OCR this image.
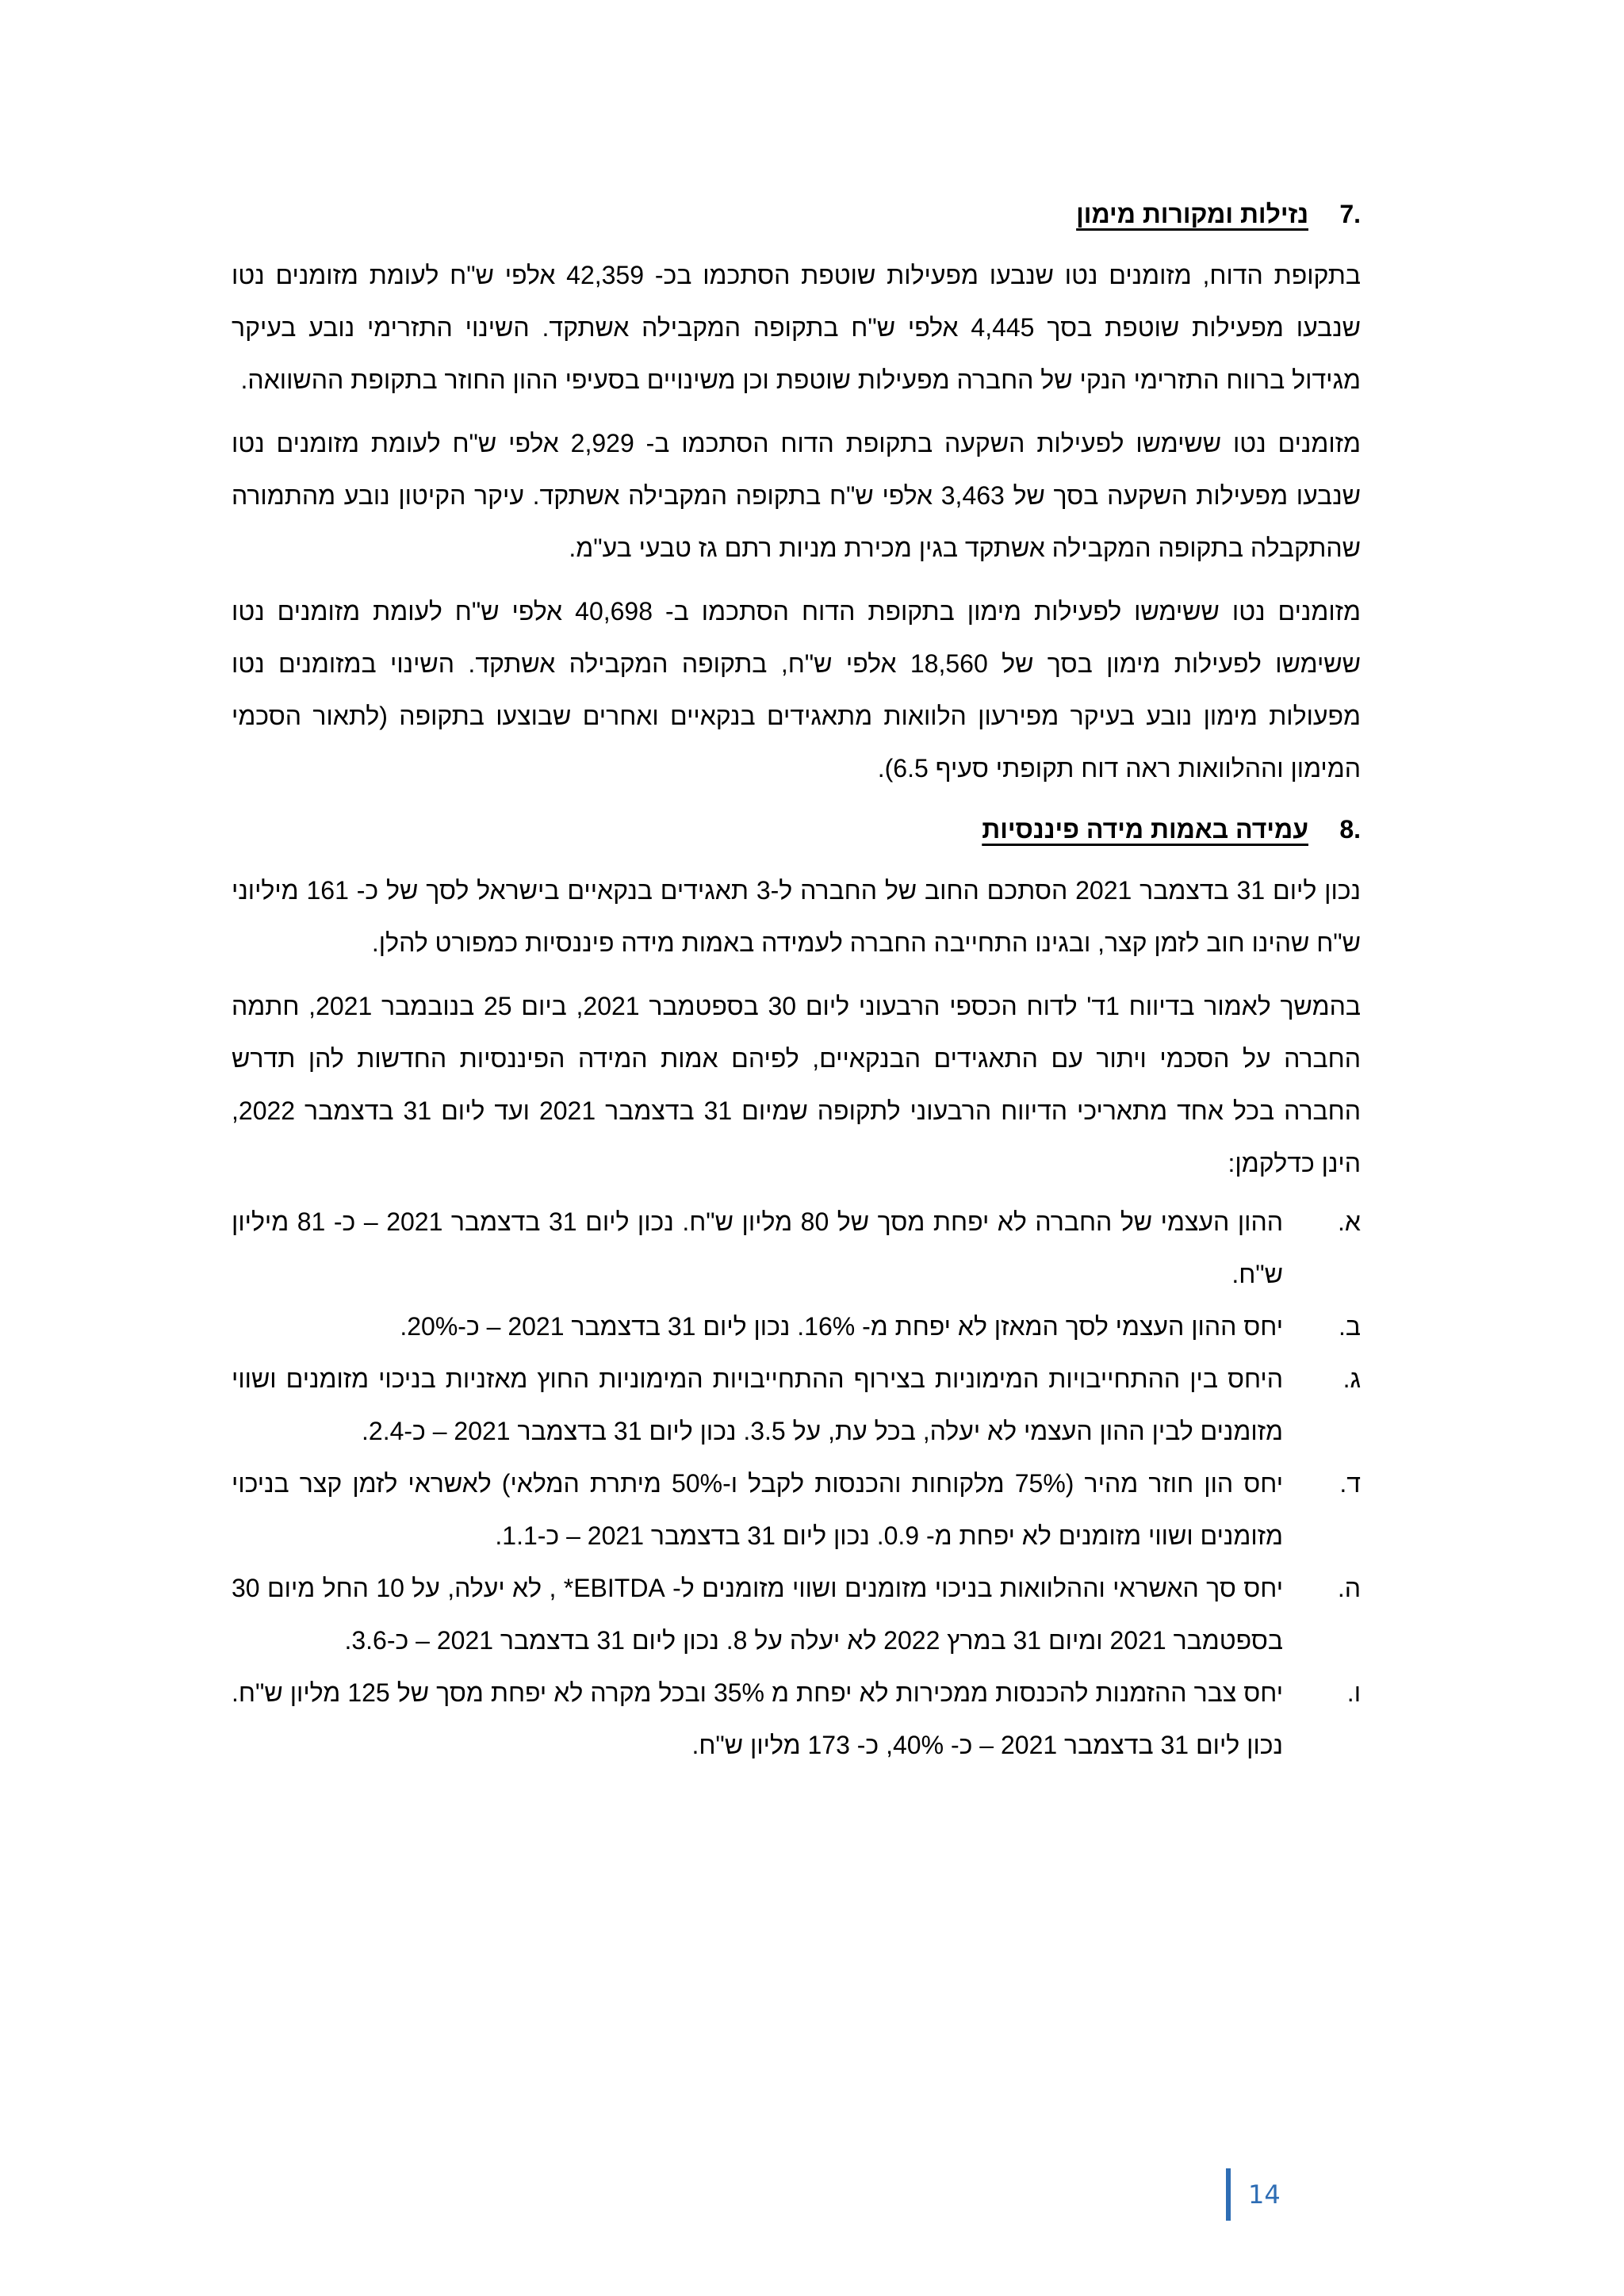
7.
נזילות ומקורות מימון

בתקופת הדוח, מזומנים נטו שנבעו מפעילות שוטפת הסתכמו בכ- 42,359 אלפי ש"ח לעומת מזומנים נטו שנבעו מפעילות שוטפת בסך 4,445 אלפי ש"ח בתקופה המקבילה אשתקד. השינוי התזרימי נובע בעיקר מגידול ברווח התזרימי הנקי של החברה מפעילות שוטפת וכן משינויים בסעיפי ההון החוזר בתקופת ההשוואה.

מזומנים נטו ששימשו לפעילות השקעה בתקופת הדוח הסתכמו ב- 2,929 אלפי ש"ח לעומת מזומנים נטו שנבעו מפעילות השקעה בסך של 3,463 אלפי ש"ח בתקופה המקבילה אשתקד. עיקר הקיטון נובע מהתמורה שהתקבלה בתקופה המקבילה אשתקד בגין מכירת מניות רתם גז טבעי בע"מ.

מזומנים נטו ששימשו לפעילות מימון בתקופת הדוח הסתכמו ב- 40,698 אלפי ש"ח לעומת מזומנים נטו ששימשו לפעילות מימון בסך של 18,560 אלפי ש"ח, בתקופה המקבילה אשתקד. השינוי במזומנים נטו מפעולות מימון נובע בעיקר מפירעון הלוואות מתאגידים בנקאיים ואחרים שבוצעו בתקופה (לתאור הסכמי המימון וההלוואות ראה דוח תקופתי סעיף 6.5).

8.
עמידה באמות מידה פיננסיות

נכון ליום 31 בדצמבר 2021 הסתכם החוב של החברה ל-3 תאגידים בנקאיים בישראל לסך של כ- 161 מיליוני ש"ח שהינו חוב לזמן קצר, ובגינו התחייבה החברה לעמידה באמות מידה פיננסיות כמפורט להלן.

בהמשך לאמור בדיווח 1ד' לדוח הכספי הרבעוני ליום 30 בספטמבר 2021, ביום 25 בנובמבר 2021, חתמה החברה על הסכמי ויתור עם התאגידים הבנקאיים, לפיהם אמות המידה הפיננסיות החדשות להן תדרש החברה בכל אחד מתאריכי הדיווח הרבעוני לתקופה שמיום 31 בדצמבר 2021 ועד ליום 31 בדצמבר 2022, הינן כדלקמן:

א.

ההון העצמי של החברה לא יפחת מסך של 80 מליון ש"ח. נכון ליום 31 בדצמבר 2021 – כ- 81 מיליון ש"ח.

ב.

יחס ההון העצמי לסך המאזן לא יפחת מ- 16%. נכון ליום 31 בדצמבר 2021 – כ-20%.

ג.

היחס בין ההתחייבויות המימוניות בצירוף ההתחייבויות המימוניות החוץ מאזניות בניכוי מזומנים ושווי מזומנים לבין ההון העצמי לא יעלה, בכל עת, על 3.5. נכון ליום 31 בדצמבר 2021 – כ-2.4.

ד.

יחס הון חוזר מהיר (75% מלקוחות והכנסות לקבל ו-50% מיתרת המלאי) לאשראי לזמן קצר בניכוי מזומנים ושווי מזומנים לא יפחת מ- 0.9. נכון ליום 31 בדצמבר 2021 – כ-1.1.

ה.

יחס סך האשראי וההלוואות בניכוי מזומנים ושווי מזומנים ל- EBITDA* , לא יעלה, על 10 החל מיום 30 בספטמבר 2021 ומיום 31 במרץ 2022 לא יעלה על 8. נכון ליום 31 בדצמבר 2021 – כ-3.6.

ו.

יחס צבר ההזמנות להכנסות ממכירות לא יפחת מ 35% ובכל מקרה לא יפחת מסך של 125 מליון ש"ח. נכון ליום 31 בדצמבר 2021 – כ- 40%, כ- 173 מליון ש"ח.

14
